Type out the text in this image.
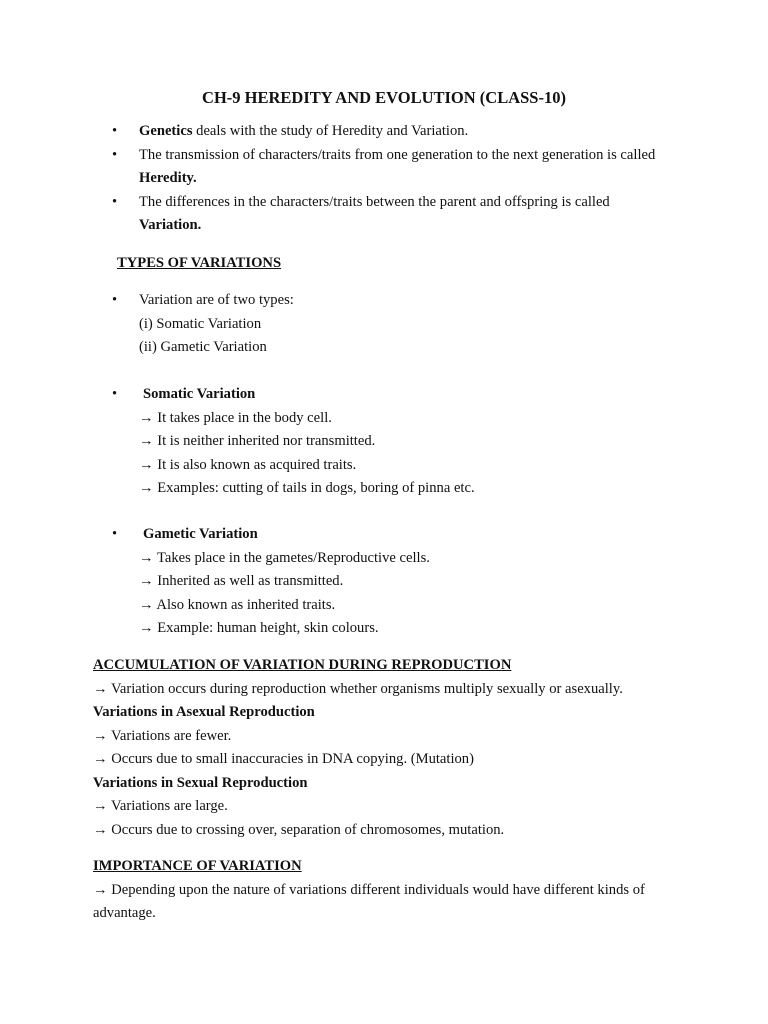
CH-9 HEREDITY AND EVOLUTION (CLASS-10)
• Genetics deals with the study of Heredity and Variation.
• The transmission of characters/traits from one generation to the next generation is called Heredity.
• The differences in the characters/traits between the parent and offspring is called Variation.
TYPES OF VARIATIONS
• Variation are of two types:
(i) Somatic Variation
(ii) Gametic Variation
• Somatic Variation
→ It takes place in the body cell.
→ It is neither inherited nor transmitted.
→ It is also known as acquired traits.
→ Examples: cutting of tails in dogs, boring of pinna etc.
• Gametic Variation
→ Takes place in the gametes/Reproductive cells.
→ Inherited as well as transmitted.
→ Also known as inherited traits.
→ Example: human height, skin colours.
ACCUMULATION OF VARIATION DURING REPRODUCTION
→ Variation occurs during reproduction whether organisms multiply sexually or asexually.
Variations in Asexual Reproduction
→ Variations are fewer.
→ Occurs due to small inaccuracies in DNA copying. (Mutation)
Variations in Sexual Reproduction
→ Variations are large.
→ Occurs due to crossing over, separation of chromosomes, mutation.
IMPORTANCE OF VARIATION
→ Depending upon the nature of variations different individuals would have different kinds of advantage.
